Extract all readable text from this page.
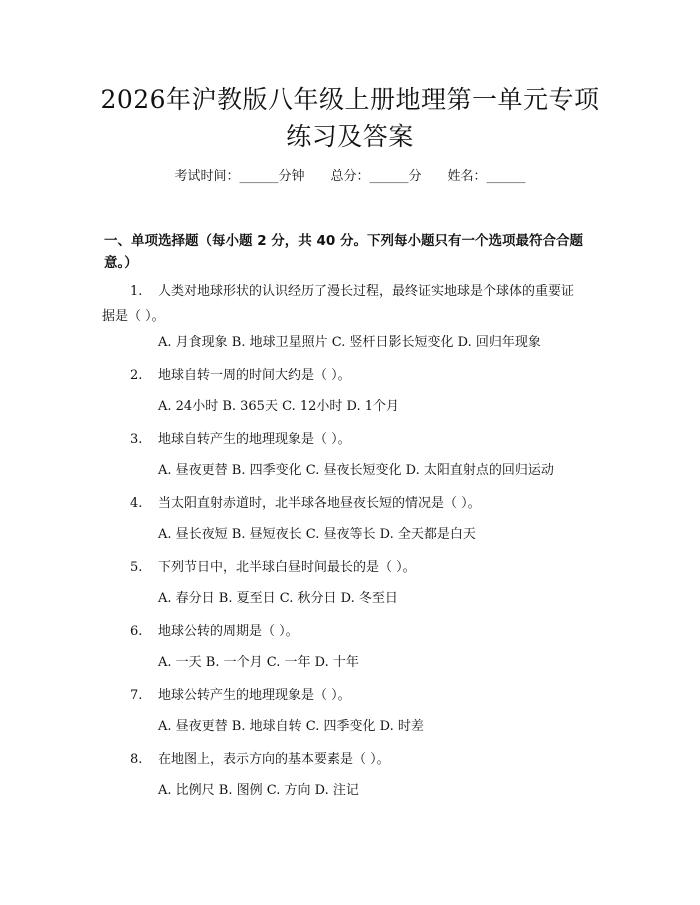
2026年沪教版八年级上册地理第一单元专项
练习及答案
考试时间：______分钟 总分：______分 姓名：______
一、单项选择题（每小题 2 分，共 40 分。下列每小题只有一个选项最符合合题
意。）
1. 人类对地球形状的认识经历了漫长过程，最终证实地球是个球体的重要证
据是（ ）。
A. 月食现象 B. 地球卫星照片 C. 竖杆日影长短变化 D. 回归年现象
2. 地球自转一周的时间大约是（ ）。
A. 24小时 B. 365天 C. 12小时 D. 1个月
3. 地球自转产生的地理现象是（ ）。
A. 昼夜更替 B. 四季变化 C. 昼夜长短变化 D. 太阳直射点的回归运动
4. 当太阳直射赤道时，北半球各地昼夜长短的情况是（ ）。
A. 昼长夜短 B. 昼短夜长 C. 昼夜等长 D. 全天都是白天
5. 下列节日中，北半球白昼时间最长的是（ ）。
A. 春分日 B. 夏至日 C. 秋分日 D. 冬至日
6. 地球公转的周期是（ ）。
A. 一天 B. 一个月 C. 一年 D. 十年
7. 地球公转产生的地理现象是（ ）。
A. 昼夜更替 B. 地球自转 C. 四季变化 D. 时差
8. 在地图上，表示方向的基本要素是（ ）。
A. 比例尺 B. 图例 C. 方向 D. 注记
